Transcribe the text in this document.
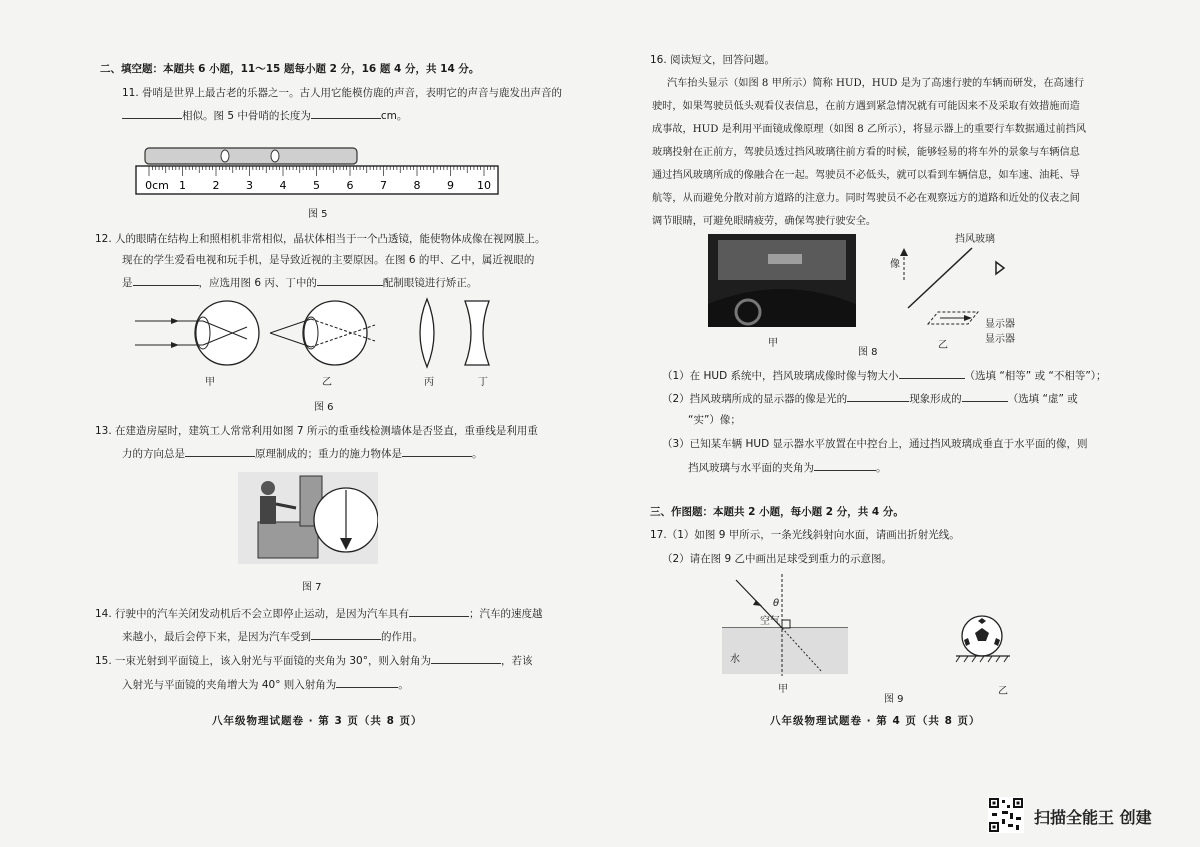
二、填空题：本题共 6 小题，11～15 题每小题 2 分，16 题 4 分，共 14 分。
11. 骨哨是世界上最古老的乐器之一。古人用它能模仿鹿的声音，表明它的声音与鹿发出声音的
相似。图 5 中骨哨的长度为	cm。
0cm 1 2 3 4 5 6 7 8 9 10
图 5
12. 人的眼睛在结构上和照相机非常相似，晶状体相当于一个凸透镜，能使物体成像在视网膜上。
现在的学生爱看电视和玩手机，是导致近视的主要原因。在图 6 的甲、乙中，属近视眼的
是	，应选用图 6 丙、丁中的	配制眼镜进行矫正。
甲	乙	丙	丁
图 6
13. 在建造房屋时，建筑工人常常利用如图 7 所示的重垂线检测墙体是否竖直，重垂线是利用重
力的方向总是	原理制成的；重力的施力物体是	。
图 7
14. 行驶中的汽车关闭发动机后不会立即停止运动，是因为汽车具有	；汽车的速度越
来越小，最后会停下来，是因为汽车受到	的作用。
15. 一束光射到平面镜上，该入射光与平面镜的夹角为 30°，则入射角为	，若该
入射光与平面镜的夹角增大为 40° 则入射角为	。
八年级物理试题卷 · 第 3 页（共 8 页）
16. 阅读短文，回答问题。
汽车抬头显示（如图 8 甲所示）简称 HUD，HUD 是为了高速行驶的车辆而研发，在高速行
驶时，如果驾驶员低头观看仪表信息，在前方遇到紧急情况就有可能因来不及采取有效措施而造
成事故，HUD 是利用平面镜成像原理（如图 8 乙所示），将显示器上的重要行车数据通过前挡风
玻璃投射在正前方，驾驶员透过挡风玻璃往前方看的时候，能够轻易的将车外的景象与车辆信息
通过挡风玻璃所成的像融合在一起。驾驶员不必低头，就可以看到车辆信息，如车速、油耗、导
航等，从而避免分散对前方道路的注意力。同时驾驶员不必在观察远方的道路和近处的仪表之间
调节眼睛，可避免眼睛疲劳，确保驾驶行驶安全。
甲
挡风玻璃
像
显示器
显示器
乙
图 8
（1）在 HUD 系统中，挡风玻璃成像时像与物大小	（选填 “相等” 或 “不相等”）；
（2）挡风玻璃所成的显示器的像是光的	现象形成的	（选填 “虚” 或
“实”）像；
（3）已知某车辆 HUD 显示器水平放置在中控台上，通过挡风玻璃成垂直于水平面的像，则
挡风玻璃与水平面的夹角为	。
三、作图题：本题共 2 小题，每小题 2 分，共 4 分。
17.（1）如图 9 甲所示，一条光线斜射向水面，请画出折射光线。
（2）请在图 9 乙中画出足球受到重力的示意图。
空气
水
θ
甲	乙
图 9
八年级物理试题卷 · 第 4 页（共 8 页）
扫描全能王 创建
